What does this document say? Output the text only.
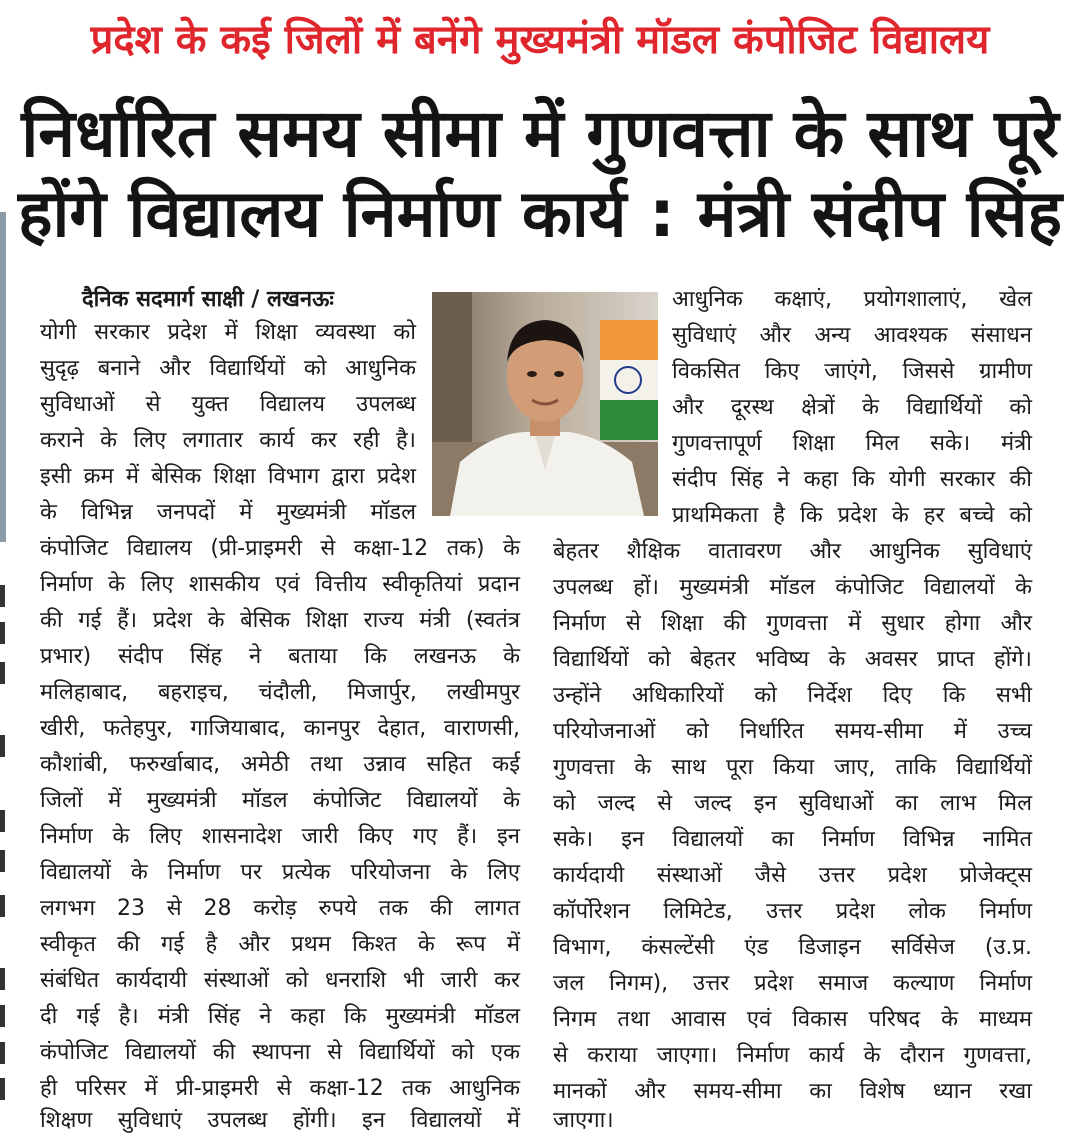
प्रदेश के कई जिलों में बनेंगे मुख्यमंत्री मॉडल कंपोजिट विद्यालय
निर्धारित समय सीमा में गुणवत्ता के साथ पूरे
होंगे विद्यालय निर्माण कार्य : मंत्री संदीप सिंह
दैनिक सदमार्ग साक्षी / लखनऊः
योगी सरकार प्रदेश में शिक्षा व्यवस्था को
सुदृढ़ बनाने और विद्यार्थियों को आधुनिक
सुविधाओं से युक्त विद्यालय उपलब्ध
कराने के लिए लगातार कार्य कर रही है।
इसी क्रम में बेसिक शिक्षा विभाग द्वारा प्रदेश
के विभिन्न जनपदों में मुख्यमंत्री मॉडल
कंपोजिट विद्यालय (प्री-प्राइमरी से कक्षा-12 तक) के
निर्माण के लिए शासकीय एवं वित्तीय स्वीकृतियां प्रदान
की गई हैं। प्रदेश के बेसिक शिक्षा राज्य मंत्री (स्वतंत्र
प्रभार) संदीप सिंह ने बताया कि लखनऊ के
मलिहाबाद, बहराइच, चंदौली, मिजार्पुर, लखीमपुर
खीरी, फतेहपुर, गाजियाबाद, कानपुर देहात, वाराणसी,
कौशांबी, फरुर्खाबाद, अमेठी तथा उन्नाव सहित कई
जिलों में मुख्यमंत्री मॉडल कंपोजिट विद्यालयों के
निर्माण के लिए शासनादेश जारी किए गए हैं। इन
विद्यालयों के निर्माण पर प्रत्येक परियोजना के लिए
लगभग 23 से 28 करोड़ रुपये तक की लागत
स्वीकृत की गई है और प्रथम किश्त के रूप में
संबंधित कार्यदायी संस्थाओं को धनराशि भी जारी कर
दी गई है। मंत्री सिंह ने कहा कि मुख्यमंत्री मॉडल
कंपोजिट विद्यालयों की स्थापना से विद्यार्थियों को एक
ही परिसर में प्री-प्राइमरी से कक्षा-12 तक आधुनिक
शिक्षण सुविधाएं उपलब्ध होंगी। इन विद्यालयों में
आधुनिक कक्षाएं, प्रयोगशालाएं, खेल
सुविधाएं और अन्य आवश्यक संसाधन
विकसित किए जाएंगे, जिससे ग्रामीण
और दूरस्थ क्षेत्रों के विद्यार्थियों को
गुणवत्तापूर्ण शिक्षा मिल सके। मंत्री
संदीप सिंह ने कहा कि योगी सरकार की
प्राथमिकता है कि प्रदेश के हर बच्चे को
बेहतर शैक्षिक वातावरण और आधुनिक सुविधाएं
उपलब्ध हों। मुख्यमंत्री मॉडल कंपोजिट विद्यालयों के
निर्माण से शिक्षा की गुणवत्ता में सुधार होगा और
विद्यार्थियों को बेहतर भविष्य के अवसर प्राप्त होंगे।
उन्होंने अधिकारियों को निर्देश दिए कि सभी
परियोजनाओं को निर्धारित समय-सीमा में उच्च
गुणवत्ता के साथ पूरा किया जाए, ताकि विद्यार्थियों
को जल्द से जल्द इन सुविधाओं का लाभ मिल
सके। इन विद्यालयों का निर्माण विभिन्न नामित
कार्यदायी संस्थाओं जैसे उत्तर प्रदेश प्रोजेक्ट्स
कॉर्पोरेशन लिमिटेड, उत्तर प्रदेश लोक निर्माण
विभाग, कंसल्टेंसी एंड डिजाइन सर्विसेज (उ.प्र.
जल निगम), उत्तर प्रदेश समाज कल्याण निर्माण
निगम तथा आवास एवं विकास परिषद के माध्यम
से कराया जाएगा। निर्माण कार्य के दौरान गुणवत्ता,
मानकों और समय-सीमा का विशेष ध्यान रखा
जाएगा।
